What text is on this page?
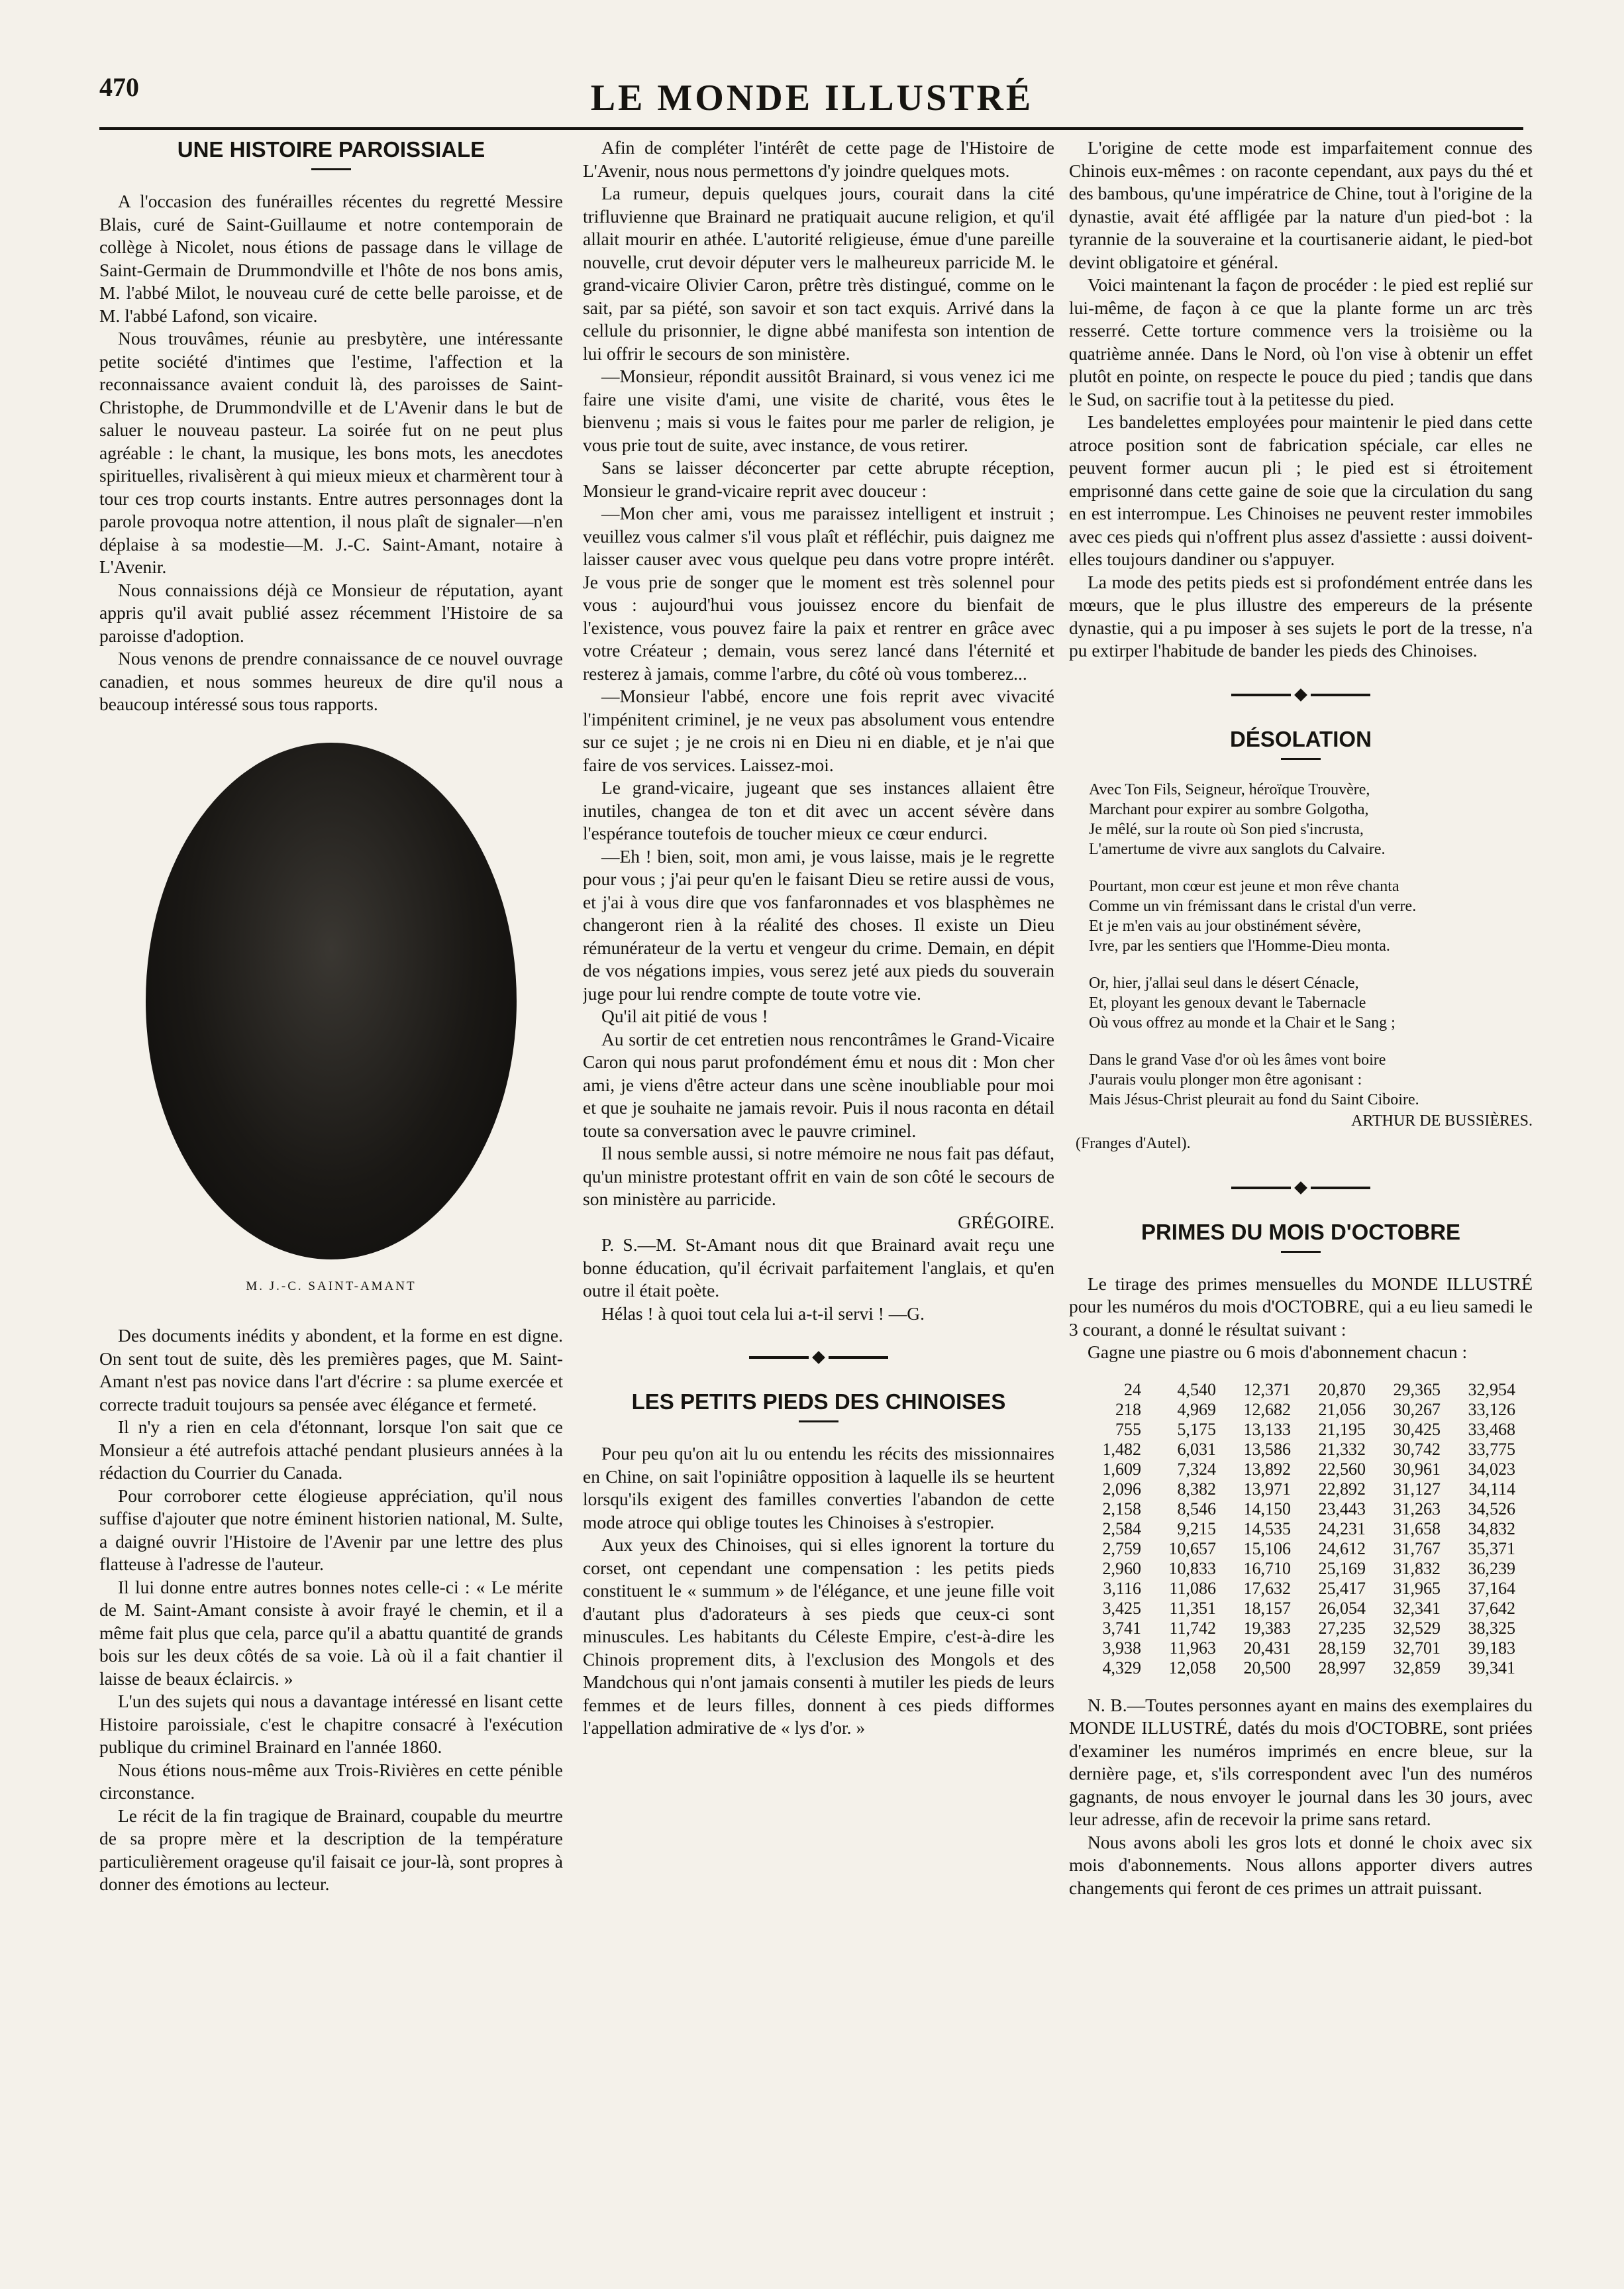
470	LE MONDE ILLUSTRÉ
UNE HISTOIRE PAROISSIALE

A l'occasion des funérailles récentes du regretté Messire Blais, curé de Saint-Guillaume et notre contemporain de collège à Nicolet, nous étions de passage dans le village de Saint-Germain de Drummondville et l'hôte de nos bons amis, M. l'abbé Milot, le nouveau curé de cette belle paroisse, et de M. l'abbé Lafond, son vicaire.

Nous trouvâmes, réunie au presbytère, une intéressante petite société d'intimes que l'estime, l'affection et la reconnaissance avaient conduit là, des paroisses de Saint-Christophe, de Drummondville et de L'Avenir dans le but de saluer le nouveau pasteur. La soirée fut on ne peut plus agréable : le chant, la musique, les bons mots, les anecdotes spirituelles, rivalisèrent à qui mieux mieux et charmèrent tour à tour ces trop courts instants. Entre autres personnages dont la parole provoqua notre attention, il nous plaît de signaler—n'en déplaise à sa modestie—M. J.-C. Saint-Amant, notaire à L'Avenir.

Nous connaissions déjà ce Monsieur de réputation, ayant appris qu'il avait publié assez récemment l'Histoire de sa paroisse d'adoption.

Nous venons de prendre connaissance de ce nouvel ouvrage canadien, et nous sommes heureux de dire qu'il nous a beaucoup intéressé sous tous rapports.

M. J.-C. SAINT-AMANT

Des documents inédits y abondent, et la forme en est digne. On sent tout de suite, dès les premières pages, que M. Saint-Amant n'est pas novice dans l'art d'écrire : sa plume exercée et correcte traduit toujours sa pensée avec élégance et fermeté.

Il n'y a rien en cela d'étonnant, lorsque l'on sait que ce Monsieur a été autrefois attaché pendant plusieurs années à la rédaction du Courrier du Canada.

Pour corroborer cette élogieuse appréciation, qu'il nous suffise d'ajouter que notre éminent historien national, M. Sulte, a daigné ouvrir l'Histoire de l'Avenir par une lettre des plus flatteuse à l'adresse de l'auteur.

Il lui donne entre autres bonnes notes celle-ci : « Le mérite de M. Saint-Amant consiste à avoir frayé le chemin, et il a même fait plus que cela, parce qu'il a abattu quantité de grands bois sur les deux côtés de sa voie. Là où il a fait chantier il laisse de beaux éclaircis. »

L'un des sujets qui nous a davantage intéressé en lisant cette Histoire paroissiale, c'est le chapitre consacré à l'exécution publique du criminel Brainard en l'année 1860.

Nous étions nous-même aux Trois-Rivières en cette pénible circonstance.

Le récit de la fin tragique de Brainard, coupable du meurtre de sa propre mère et la description de la température particulièrement orageuse qu'il faisait ce jour-là, sont propres à donner des émotions au lecteur.

Afin de compléter l'intérêt de cette page de l'Histoire de L'Avenir, nous nous permettons d'y joindre quelques mots.

La rumeur, depuis quelques jours, courait dans la cité trifluvienne que Brainard ne pratiquait aucune religion, et qu'il allait mourir en athée. L'autorité religieuse, émue d'une pareille nouvelle, crut devoir députer vers le malheureux parricide M. le grand-vicaire Olivier Caron, prêtre très distingué, comme on le sait, par sa piété, son savoir et son tact exquis. Arrivé dans la cellule du prisonnier, le digne abbé manifesta son intention de lui offrir le secours de son ministère.

—Monsieur, répondit aussitôt Brainard, si vous venez ici me faire une visite d'ami, une visite de charité, vous êtes le bienvenu ; mais si vous le faites pour me parler de religion, je vous prie tout de suite, avec instance, de vous retirer.

Sans se laisser déconcerter par cette abrupte réception, Monsieur le grand-vicaire reprit avec douceur :

—Mon cher ami, vous me paraissez intelligent et instruit ; veuillez vous calmer s'il vous plaît et réfléchir, puis daignez me laisser causer avec vous quelque peu dans votre propre intérêt. Je vous prie de songer que le moment est très solennel pour vous : aujourd'hui vous jouissez encore du bienfait de l'existence, vous pouvez faire la paix et rentrer en grâce avec votre Créateur ; demain, vous serez lancé dans l'éternité et resterez à jamais, comme l'arbre, du côté où vous tomberez...

—Monsieur l'abbé, encore une fois reprit avec vivacité l'impénitent criminel, je ne veux pas absolument vous entendre sur ce sujet ; je ne crois ni en Dieu ni en diable, et je n'ai que faire de vos services. Laissez-moi.

Le grand-vicaire, jugeant que ses instances allaient être inutiles, changea de ton et dit avec un accent sévère dans l'espérance toutefois de toucher mieux ce cœur endurci.

—Eh ! bien, soit, mon ami, je vous laisse, mais je le regrette pour vous ; j'ai peur qu'en le faisant Dieu se retire aussi de vous, et j'ai à vous dire que vos fanfaronnades et vos blasphèmes ne changeront rien à la réalité des choses. Il existe un Dieu rémunérateur de la vertu et vengeur du crime. Demain, en dépit de vos négations impies, vous serez jeté aux pieds du souverain juge pour lui rendre compte de toute votre vie.

Qu'il ait pitié de vous !

Au sortir de cet entretien nous rencontrâmes le Grand-Vicaire Caron qui nous parut profondément ému et nous dit : Mon cher ami, je viens d'être acteur dans une scène inoubliable pour moi et que je souhaite ne jamais revoir. Puis il nous raconta en détail toute sa conversation avec le pauvre criminel.

Il nous semble aussi, si notre mémoire ne nous fait pas défaut, qu'un ministre protestant offrit en vain de son côté le secours de son ministère au parricide.

GRÉGOIRE.

P. S.—M. St-Amant nous dit que Brainard avait reçu une bonne éducation, qu'il écrivait parfaitement l'anglais, et qu'en outre il était poète.

Hélas ! à quoi tout cela lui a-t-il servi ! —G.

LES PETITS PIEDS DES CHINOISES

Pour peu qu'on ait lu ou entendu les récits des missionnaires en Chine, on sait l'opiniâtre opposition à laquelle ils se heurtent lorsqu'ils exigent des familles converties l'abandon de cette mode atroce qui oblige toutes les Chinoises à s'estropier.

Aux yeux des Chinoises, qui si elles ignorent la torture du corset, ont cependant une compensation : les petits pieds constituent le « summum » de l'élégance, et une jeune fille voit d'autant plus d'adorateurs à ses pieds que ceux-ci sont minuscules. Les habitants du Céleste Empire, c'est-à-dire les Chinois proprement dits, à l'exclusion des Mongols et des Mandchous qui n'ont jamais consenti à mutiler les pieds de leurs femmes et de leurs filles, donnent à ces pieds difformes l'appellation admirative de « lys d'or. »

L'origine de cette mode est imparfaitement connue des Chinois eux-mêmes : on raconte cependant, aux pays du thé et des bambous, qu'une impératrice de Chine, tout à l'origine de la dynastie, avait été affligée par la nature d'un pied-bot : la tyrannie de la souveraine et la courtisanerie aidant, le pied-bot devint obligatoire et général.

Voici maintenant la façon de procéder : le pied est replié sur lui-même, de façon à ce que la plante forme un arc très resserré. Cette torture commence vers la troisième ou la quatrième année. Dans le Nord, où l'on vise à obtenir un effet plutôt en pointe, on respecte le pouce du pied ; tandis que dans le Sud, on sacrifie tout à la petitesse du pied.

Les bandelettes employées pour maintenir le pied dans cette atroce position sont de fabrication spéciale, car elles ne peuvent former aucun pli ; le pied est si étroitement emprisonné dans cette gaine de soie que la circulation du sang en est interrompue. Les Chinoises ne peuvent rester immobiles avec ces pieds qui n'offrent plus assez d'assiette : aussi doivent-elles toujours dandiner ou s'appuyer.

La mode des petits pieds est si profondément entrée dans les mœurs, que le plus illustre des empereurs de la présente dynastie, qui a pu imposer à ses sujets le port de la tresse, n'a pu extirper l'habitude de bander les pieds des Chinoises.

DÉSOLATION
Avec Ton Fils, Seigneur, héroïque Trouvère,
Marchant pour expirer au sombre Golgotha,
Je mêlé, sur la route où Son pied s'incrusta,
L'amertume de vivre aux sanglots du Calvaire.
Pourtant, mon cœur est jeune et mon rêve chanta
Comme un vin frémissant dans le cristal d'un verre.
Et je m'en vais au jour obstinément sévère,
Ivre, par les sentiers que l'Homme-Dieu monta.
Or, hier, j'allai seul dans le désert Cénacle,
Et, ployant les genoux devant le Tabernacle
Où vous offrez au monde et la Chair et le Sang ;
Dans le grand Vase d'or où les âmes vont boire
J'aurais voulu plonger mon être agonisant :
Mais Jésus-Christ pleurait au fond du Saint Ciboire.

ARTHUR DE BUSSIÈRES.

(Franges d'Autel).

PRIMES DU MOIS D'OCTOBRE

Le tirage des primes mensuelles du MONDE ILLUSTRÉ pour les numéros du mois d'OCTOBRE, qui a eu lieu samedi le 3 courant, a donné le résultat suivant :

Gagne une piastre ou 6 mois d'abonnement chacun :

24	4,540	12,371	20,870	29,365	32,954
218	4,969	12,682	21,056	30,267	33,126
755	5,175	13,133	21,195	30,425	33,468
1,482	6,031	13,586	21,332	30,742	33,775
1,609	7,324	13,892	22,560	30,961	34,023
2,096	8,382	13,971	22,892	31,127	34,114
2,158	8,546	14,150	23,443	31,263	34,526
2,584	9,215	14,535	24,231	31,658	34,832
2,759	10,657	15,106	24,612	31,767	35,371
2,960	10,833	16,710	25,169	31,832	36,239
3,116	11,086	17,632	25,417	31,965	37,164
3,425	11,351	18,157	26,054	32,341	37,642
3,741	11,742	19,383	27,235	32,529	38,325
3,938	11,963	20,431	28,159	32,701	39,183
4,329	12,058	20,500	28,997	32,859	39,341

N. B.—Toutes personnes ayant en mains des exemplaires du MONDE ILLUSTRÉ, datés du mois d'OCTOBRE, sont priées d'examiner les numéros imprimés en encre bleue, sur la dernière page, et, s'ils correspondent avec l'un des numéros gagnants, de nous envoyer le journal dans les 30 jours, avec leur adresse, afin de recevoir la prime sans retard.

Nous avons aboli les gros lots et donné le choix avec six mois d'abonnements. Nous allons apporter divers autres changements qui feront de ces primes un attrait puissant.
